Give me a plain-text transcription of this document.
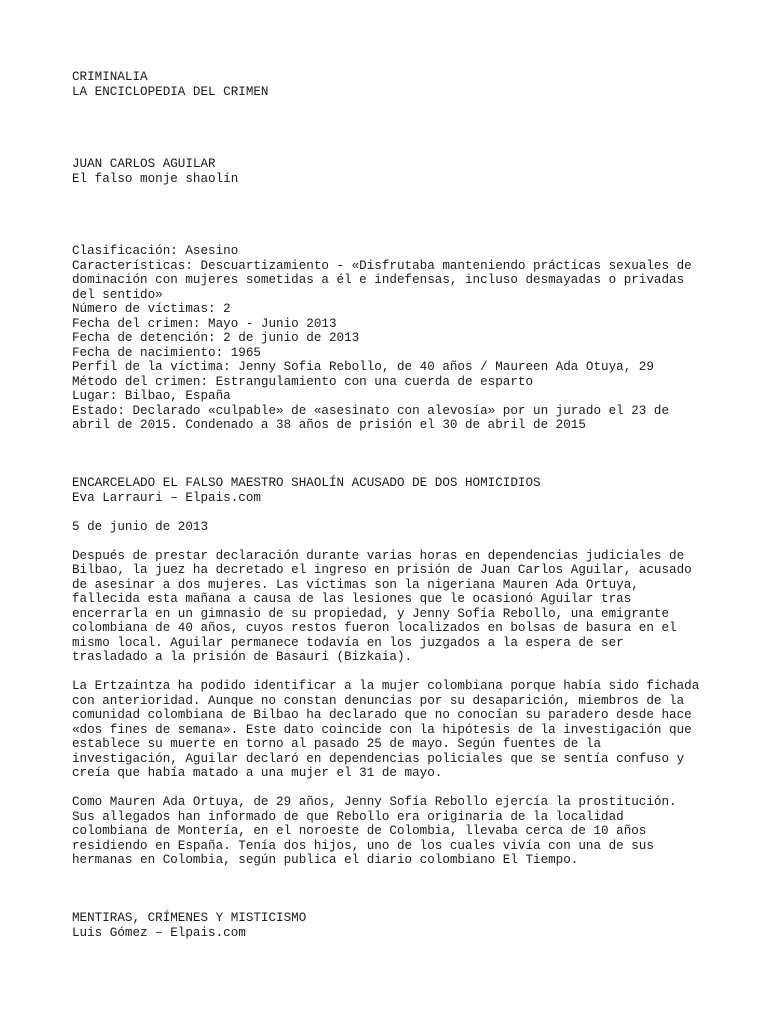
CRIMINALIA
LA ENCICLOPEDIA DEL CRIMEN
JUAN CARLOS AGUILAR
El falso monje shaolín
Clasificación: Asesino
Características: Descuartizamiento - «Disfrutaba manteniendo prácticas sexuales de
dominación con mujeres sometidas a él e indefensas, incluso desmayadas o privadas
del sentido»
Número de víctimas: 2
Fecha del crimen: Mayo - Junio 2013
Fecha de detención: 2 de junio de 2013
Fecha de nacimiento: 1965
Perfil de la víctima: Jenny Sofia Rebollo, de 40 años / Maureen Ada Otuya, 29
Método del crimen: Estrangulamiento con una cuerda de esparto
Lugar: Bilbao, España
Estado: Declarado «culpable» de «asesinato con alevosía» por un jurado el 23 de
abril de 2015. Condenado a 38 años de prisión el 30 de abril de 2015
ENCARCELADO EL FALSO MAESTRO SHAOLÍN ACUSADO DE DOS HOMICIDIOS
Eva Larrauri – Elpais.com
5 de junio de 2013
Después de prestar declaración durante varias horas en dependencias judiciales de
Bilbao, la juez ha decretado el ingreso en prisión de Juan Carlos Aguilar, acusado
de asesinar a dos mujeres. Las víctimas son la nigeriana Mauren Ada Ortuya,
fallecida esta mañana a causa de las lesiones que le ocasionó Aguilar tras
encerrarla en un gimnasio de su propiedad, y Jenny Sofía Rebollo, una emigrante
colombiana de 40 años, cuyos restos fueron localizados en bolsas de basura en el
mismo local. Aguilar permanece todavía en los juzgados a la espera de ser
trasladado a la prisión de Basauri (Bizkaia).
La Ertzaintza ha podido identificar a la mujer colombiana porque había sido fichada
con anterioridad. Aunque no constan denuncias por su desaparición, miembros de la
comunidad colombiana de Bilbao ha declarado que no conocían su paradero desde hace
«dos fines de semana». Este dato coincide con la hipótesis de la investigación que
establece su muerte en torno al pasado 25 de mayo. Según fuentes de la
investigación, Aguilar declaró en dependencias policiales que se sentía confuso y
creía que había matado a una mujer el 31 de mayo.
Como Mauren Ada Ortuya, de 29 años, Jenny Sofía Rebollo ejercía la prostitución.
Sus allegados han informado de que Rebollo era originaria de la localidad
colombiana de Montería, en el noroeste de Colombia, llevaba cerca de 10 años
residiendo en España. Tenía dos hijos, uno de los cuales vivía con una de sus
hermanas en Colombia, según publica el diario colombiano El Tiempo.
MENTIRAS, CRÍMENES Y MISTICISMO
Luis Gómez – Elpais.com
